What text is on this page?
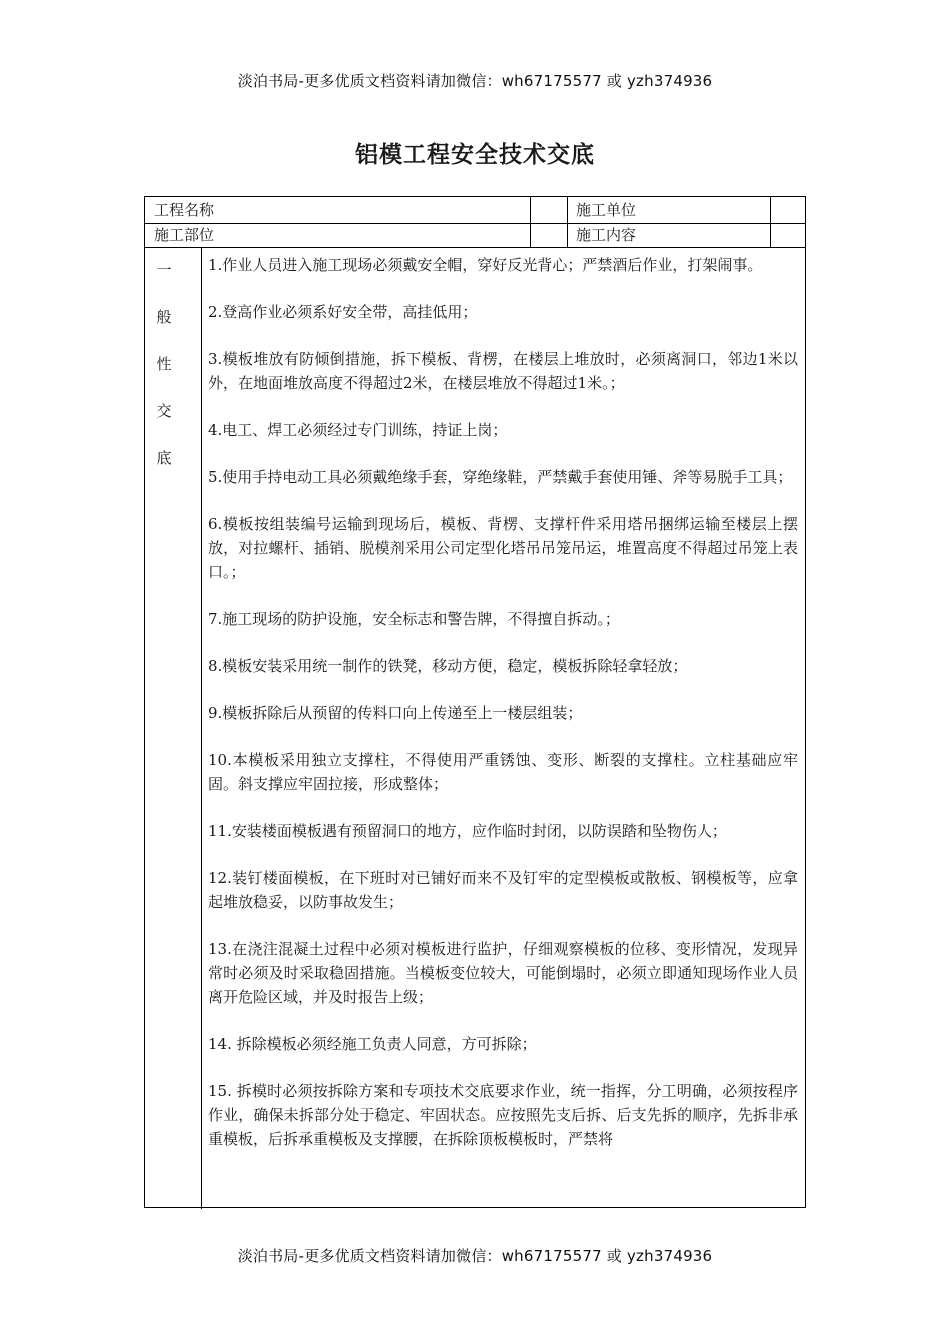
淡泊书局-更多优质文档资料请加微信：wh67175577 或 yzh374936
铝模工程安全技术交底
工程名称	施工单位
施工部位	施工内容
一
般
性
交
底

1.作业人员进入施工现场必须戴安全帽，穿好反光背心；严禁酒后作业，打架闹事。

2.登高作业必须系好安全带，高挂低用；

3.模板堆放有防倾倒措施，拆下模板、背楞，在楼层上堆放时，必须离洞口，邻边1米以外，在地面堆放高度不得超过2米，在楼层堆放不得超过1米。；

4.电工、焊工必须经过专门训练，持证上岗；

5.使用手持电动工具必须戴绝缘手套，穿绝缘鞋，严禁戴手套使用锤、斧等易脱手工具；

6.模板按组装编号运输到现场后，模板、背楞、支撑杆件采用塔吊捆绑运输至楼层上摆放，对拉螺杆、插销、脱模剂采用公司定型化塔吊吊笼吊运，堆置高度不得超过吊笼上表口。；

7.施工现场的防护设施，安全标志和警告牌，不得擅自拆动。；

8.模板安装采用统一制作的铁凳，移动方便，稳定，模板拆除轻拿轻放；

9.模板拆除后从预留的传料口向上传递至上一楼层组装；

10.本模板采用独立支撑柱，不得使用严重锈蚀、变形、断裂的支撑柱。立柱基础应牢固。斜支撑应牢固拉接，形成整体；

11.安装楼面模板遇有预留洞口的地方，应作临时封闭，以防误踏和坠物伤人；

12.装钉楼面模板，在下班时对已铺好而来不及钉牢的定型模板或散板、钢模板等，应拿起堆放稳妥，以防事故发生；

13.在浇注混凝土过程中必须对模板进行监护，仔细观察模板的位移、变形情况，发现异常时必须及时采取稳固措施。当模板变位较大，可能倒塌时，必须立即通知现场作业人员离开危险区域，并及时报告上级；

14. 拆除模板必须经施工负责人同意，方可拆除；

15. 拆模时必须按拆除方案和专项技术交底要求作业，统一指挥，分工明确，必须按程序作业，确保未拆部分处于稳定、牢固状态。应按照先支后拆、后支先拆的顺序，先拆非承重模板，后拆承重模板及支撑腰，在拆除顶板模板时，严禁将

淡泊书局-更多优质文档资料请加微信：wh67175577 或 yzh374936
